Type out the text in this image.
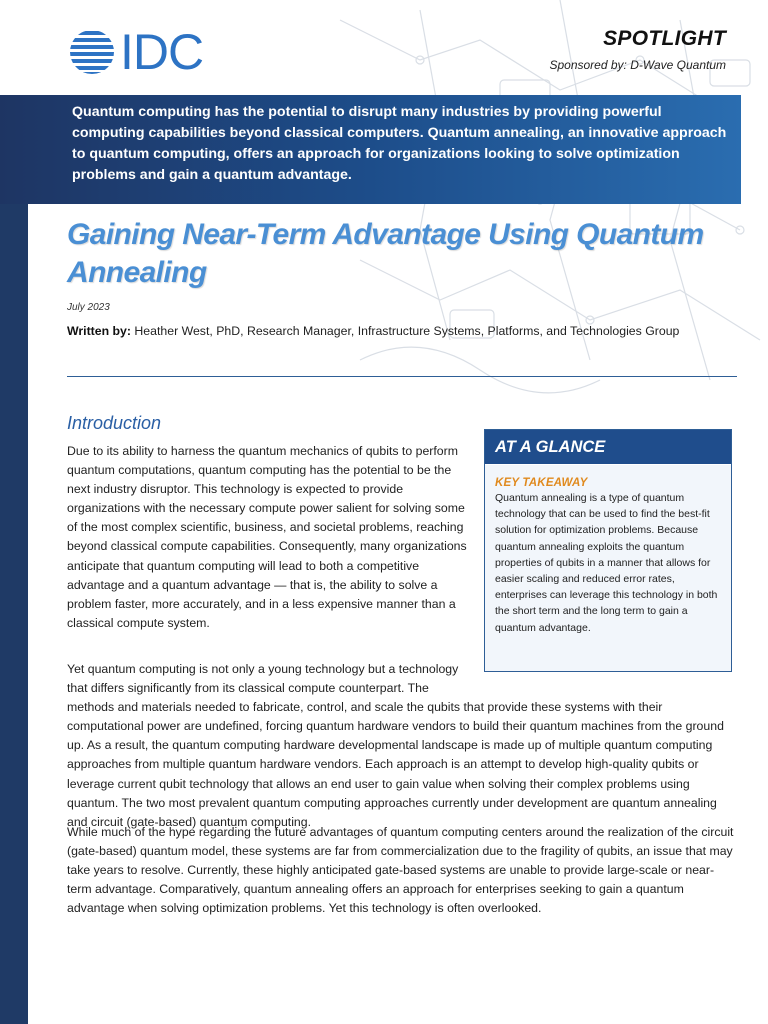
IDC	SPOTLIGHT
Sponsored by: D-Wave Quantum
Quantum computing has the potential to disrupt many industries by providing powerful computing capabilities beyond classical computers. Quantum annealing, an innovative approach to quantum computing, offers an approach for organizations looking to solve optimization problems and gain a quantum advantage.
Gaining Near-Term Advantage Using Quantum Annealing
July 2023
Written by: Heather West, PhD, Research Manager, Infrastructure Systems, Platforms, and Technologies Group
Introduction
Due to its ability to harness the quantum mechanics of qubits to perform quantum computations, quantum computing has the potential to be the next industry disruptor. This technology is expected to provide organizations with the necessary compute power salient for solving some of the most complex scientific, business, and societal problems, reaching beyond classical compute capabilities. Consequently, many organizations anticipate that quantum computing will lead to both a competitive advantage and a quantum advantage — that is, the ability to solve a problem faster, more accurately, and in a less expensive manner than a classical compute system.
Yet quantum computing is not only a young technology but a technology that differs significantly from its classical compute counterpart. The
methods and materials needed to fabricate, control, and scale the qubits that provide these systems with their computational power are undefined, forcing quantum hardware vendors to build their quantum machines from the ground up. As a result, the quantum computing hardware developmental landscape is made up of multiple quantum computing approaches from multiple quantum hardware vendors. Each approach is an attempt to develop high-quality qubits or leverage current qubit technology that allows an end user to gain value when solving their complex problems using quantum. The two most prevalent quantum computing approaches currently under development are quantum annealing and circuit (gate-based) quantum computing.
While much of the hype regarding the future advantages of quantum computing centers around the realization of the circuit (gate-based) quantum model, these systems are far from commercialization due to the fragility of qubits, an issue that may take years to resolve. Currently, these highly anticipated gate-based systems are unable to provide large-scale or near-term advantage. Comparatively, quantum annealing offers an approach for enterprises seeking to gain a quantum advantage when solving optimization problems. Yet this technology is often overlooked.
AT A GLANCE
KEY TAKEAWAY
Quantum annealing is a type of quantum technology that can be used to find the best-fit solution for optimization problems. Because quantum annealing exploits the quantum properties of qubits in a manner that allows for easier scaling and reduced error rates, enterprises can leverage this technology in both the short term and the long term to gain a quantum advantage.
